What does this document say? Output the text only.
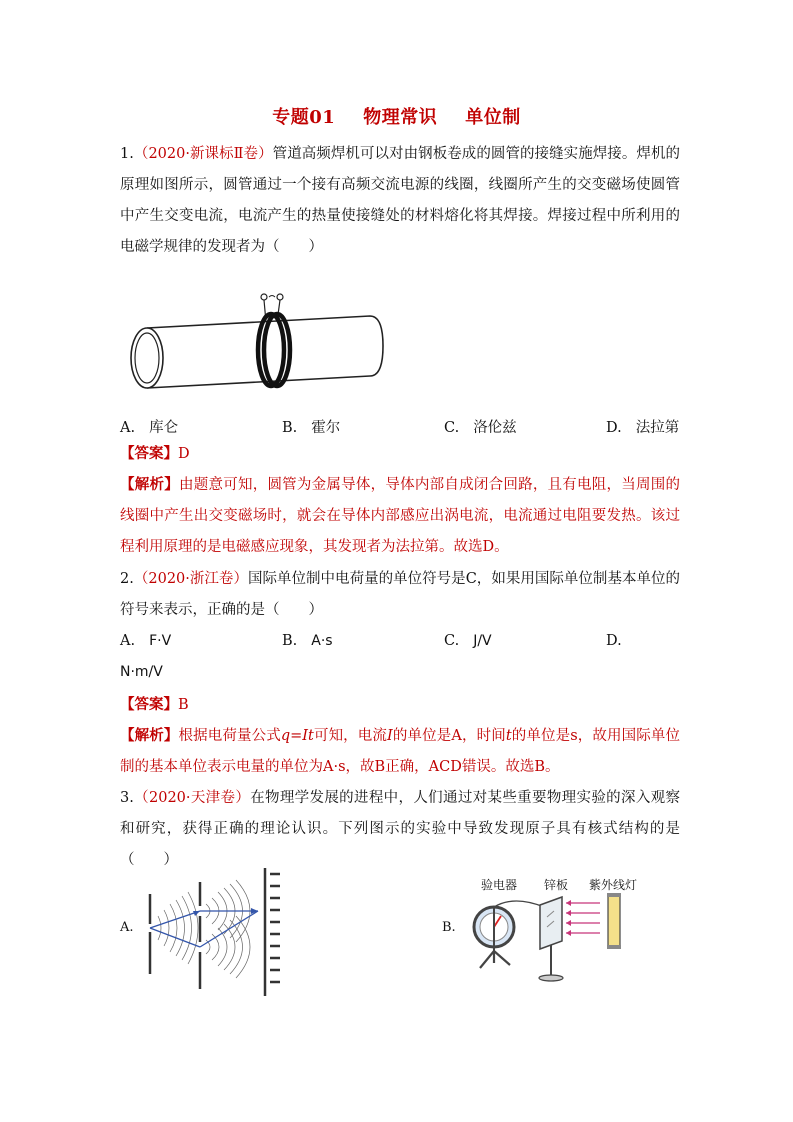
专题01 物理常识 单位制

1.（2020·新课标Ⅱ卷）管道高频焊机可以对由钢板卷成的圆管的接缝实施焊接。焊机的原理如图所示，圆管通过一个接有高频交流电源的线圈，线圈所产生的交变磁场使圆管中产生交变电流，电流产生的热量使接缝处的材料熔化将其焊接。焊接过程中所利用的电磁学规律的发现者为（　　）

A. 库仑	B. 霍尔	C. 洛伦兹	D. 法拉第

【答案】D

【解析】由题意可知，圆管为金属导体，导体内部自成闭合回路，且有电阻，当周围的线圈中产生出交变磁场时，就会在导体内部感应出涡电流，电流通过电阻要发热。该过程利用原理的是电磁感应现象，其发现者为法拉第。故选D。

2.（2020·浙江卷）国际单位制中电荷量的单位符号是C，如果用国际单位制基本单位的符号来表示，正确的是（　　）

A. F·V	B. A·s	C. J/V	D.
N·m/V

【答案】B

【解析】根据电荷量公式q=It可知，电流I的单位是A，时间t的单位是s，故用国际单位制的基本单位表示电量的单位为A·s，故B正确，ACD错误。故选B。

3.（2020·天津卷）在物理学发展的进程中，人们通过对某些重要物理实验的深入观察和研究，获得正确的理论认识。下列图示的实验中导致发现原子具有核式结构的是（　　）

A.	B.
验电器 锌板 紫外线灯
